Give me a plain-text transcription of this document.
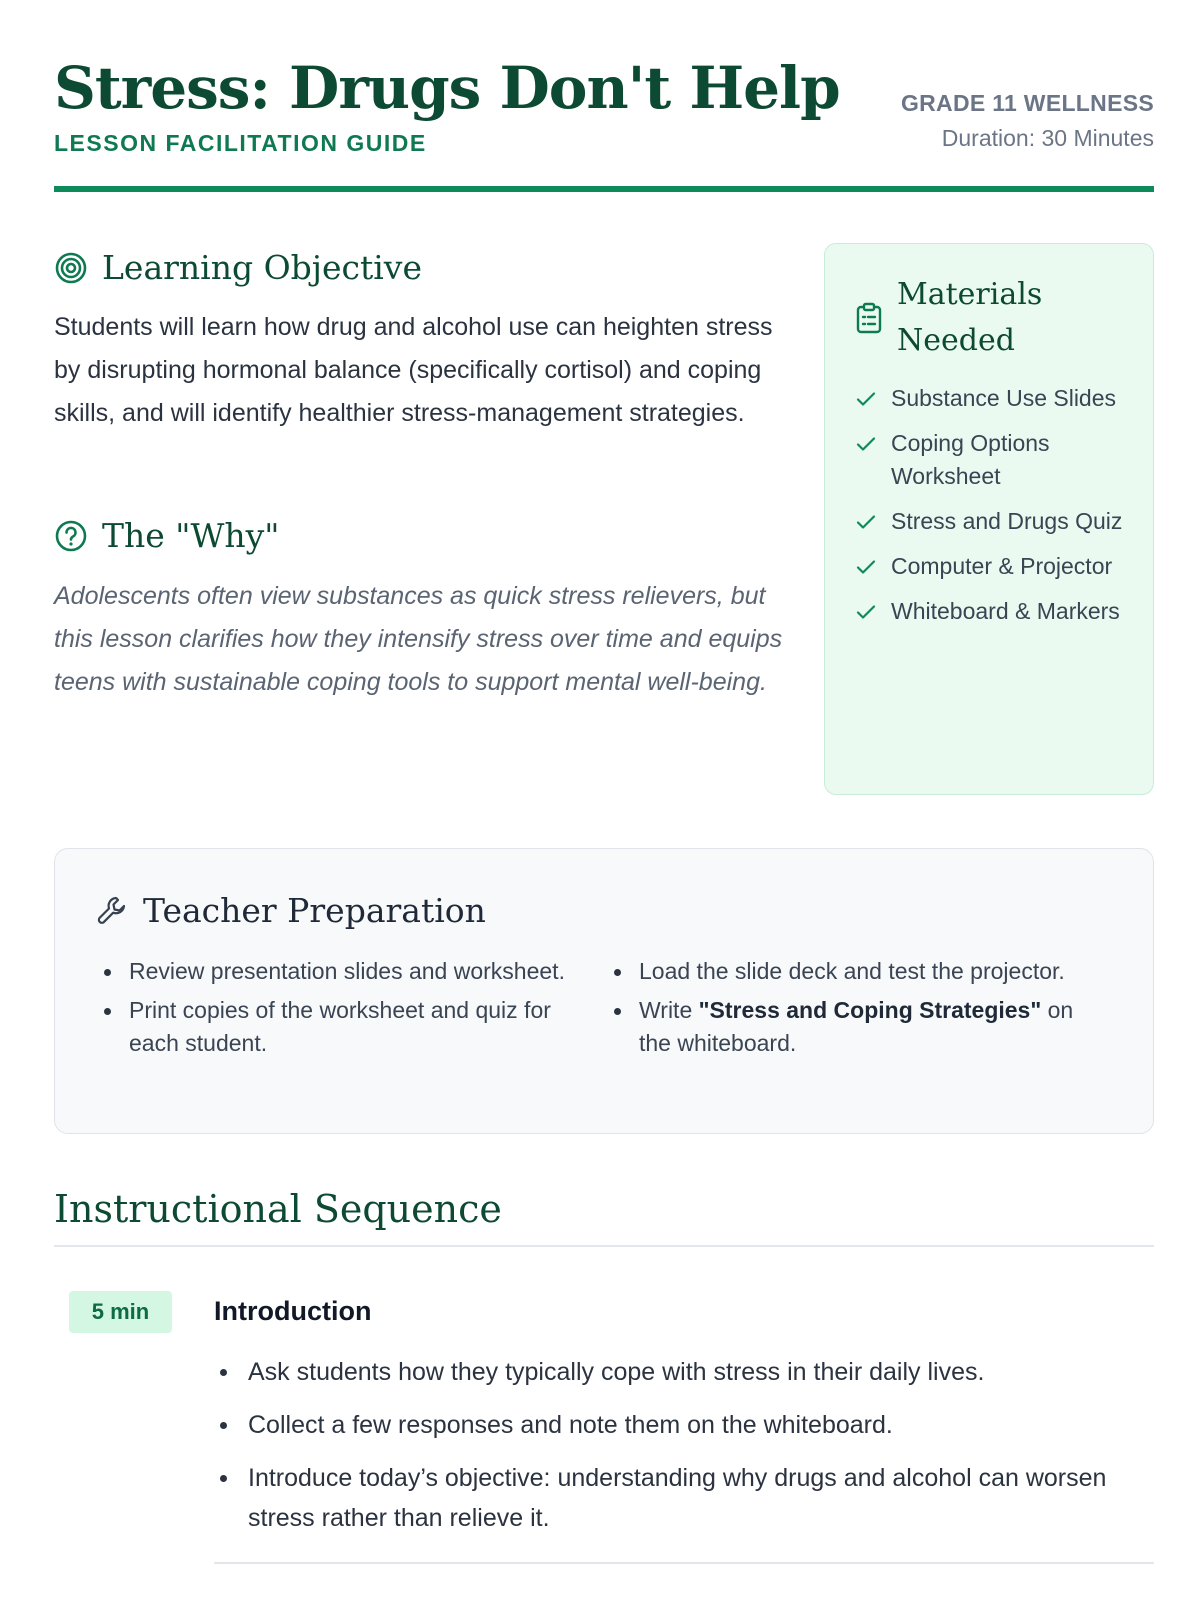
Stress: Drugs Don't Help
LESSON FACILITATION GUIDE
GRADE 11 WELLNESS
Duration: 30 Minutes
Learning Objective

Students will learn how drug and alcohol use can heighten stress by disrupting hormonal balance (specifically cortisol) and coping skills, and will identify healthier stress-management strategies.

The "Why"

Adolescents often view substances as quick stress relievers, but this lesson clarifies how they intensify stress over time and equips teens with sustainable coping tools to support mental well-being.

Materials Needed
Substance Use Slides
Coping Options Worksheet
Stress and Drugs Quiz
Computer & Projector
Whiteboard & Markers
Teacher Preparation
Review presentation slides and worksheet.
Print copies of the worksheet and quiz for each student.
Load the slide deck and test the projector.
Write "Stress and Coping Strategies" on the whiteboard.
Instructional Sequence
5 min	Introduction
Ask students how they typically cope with stress in their daily lives.
Collect a few responses and note them on the whiteboard.
Introduce today’s objective: understanding why drugs and alcohol can worsen stress rather than relieve it.
